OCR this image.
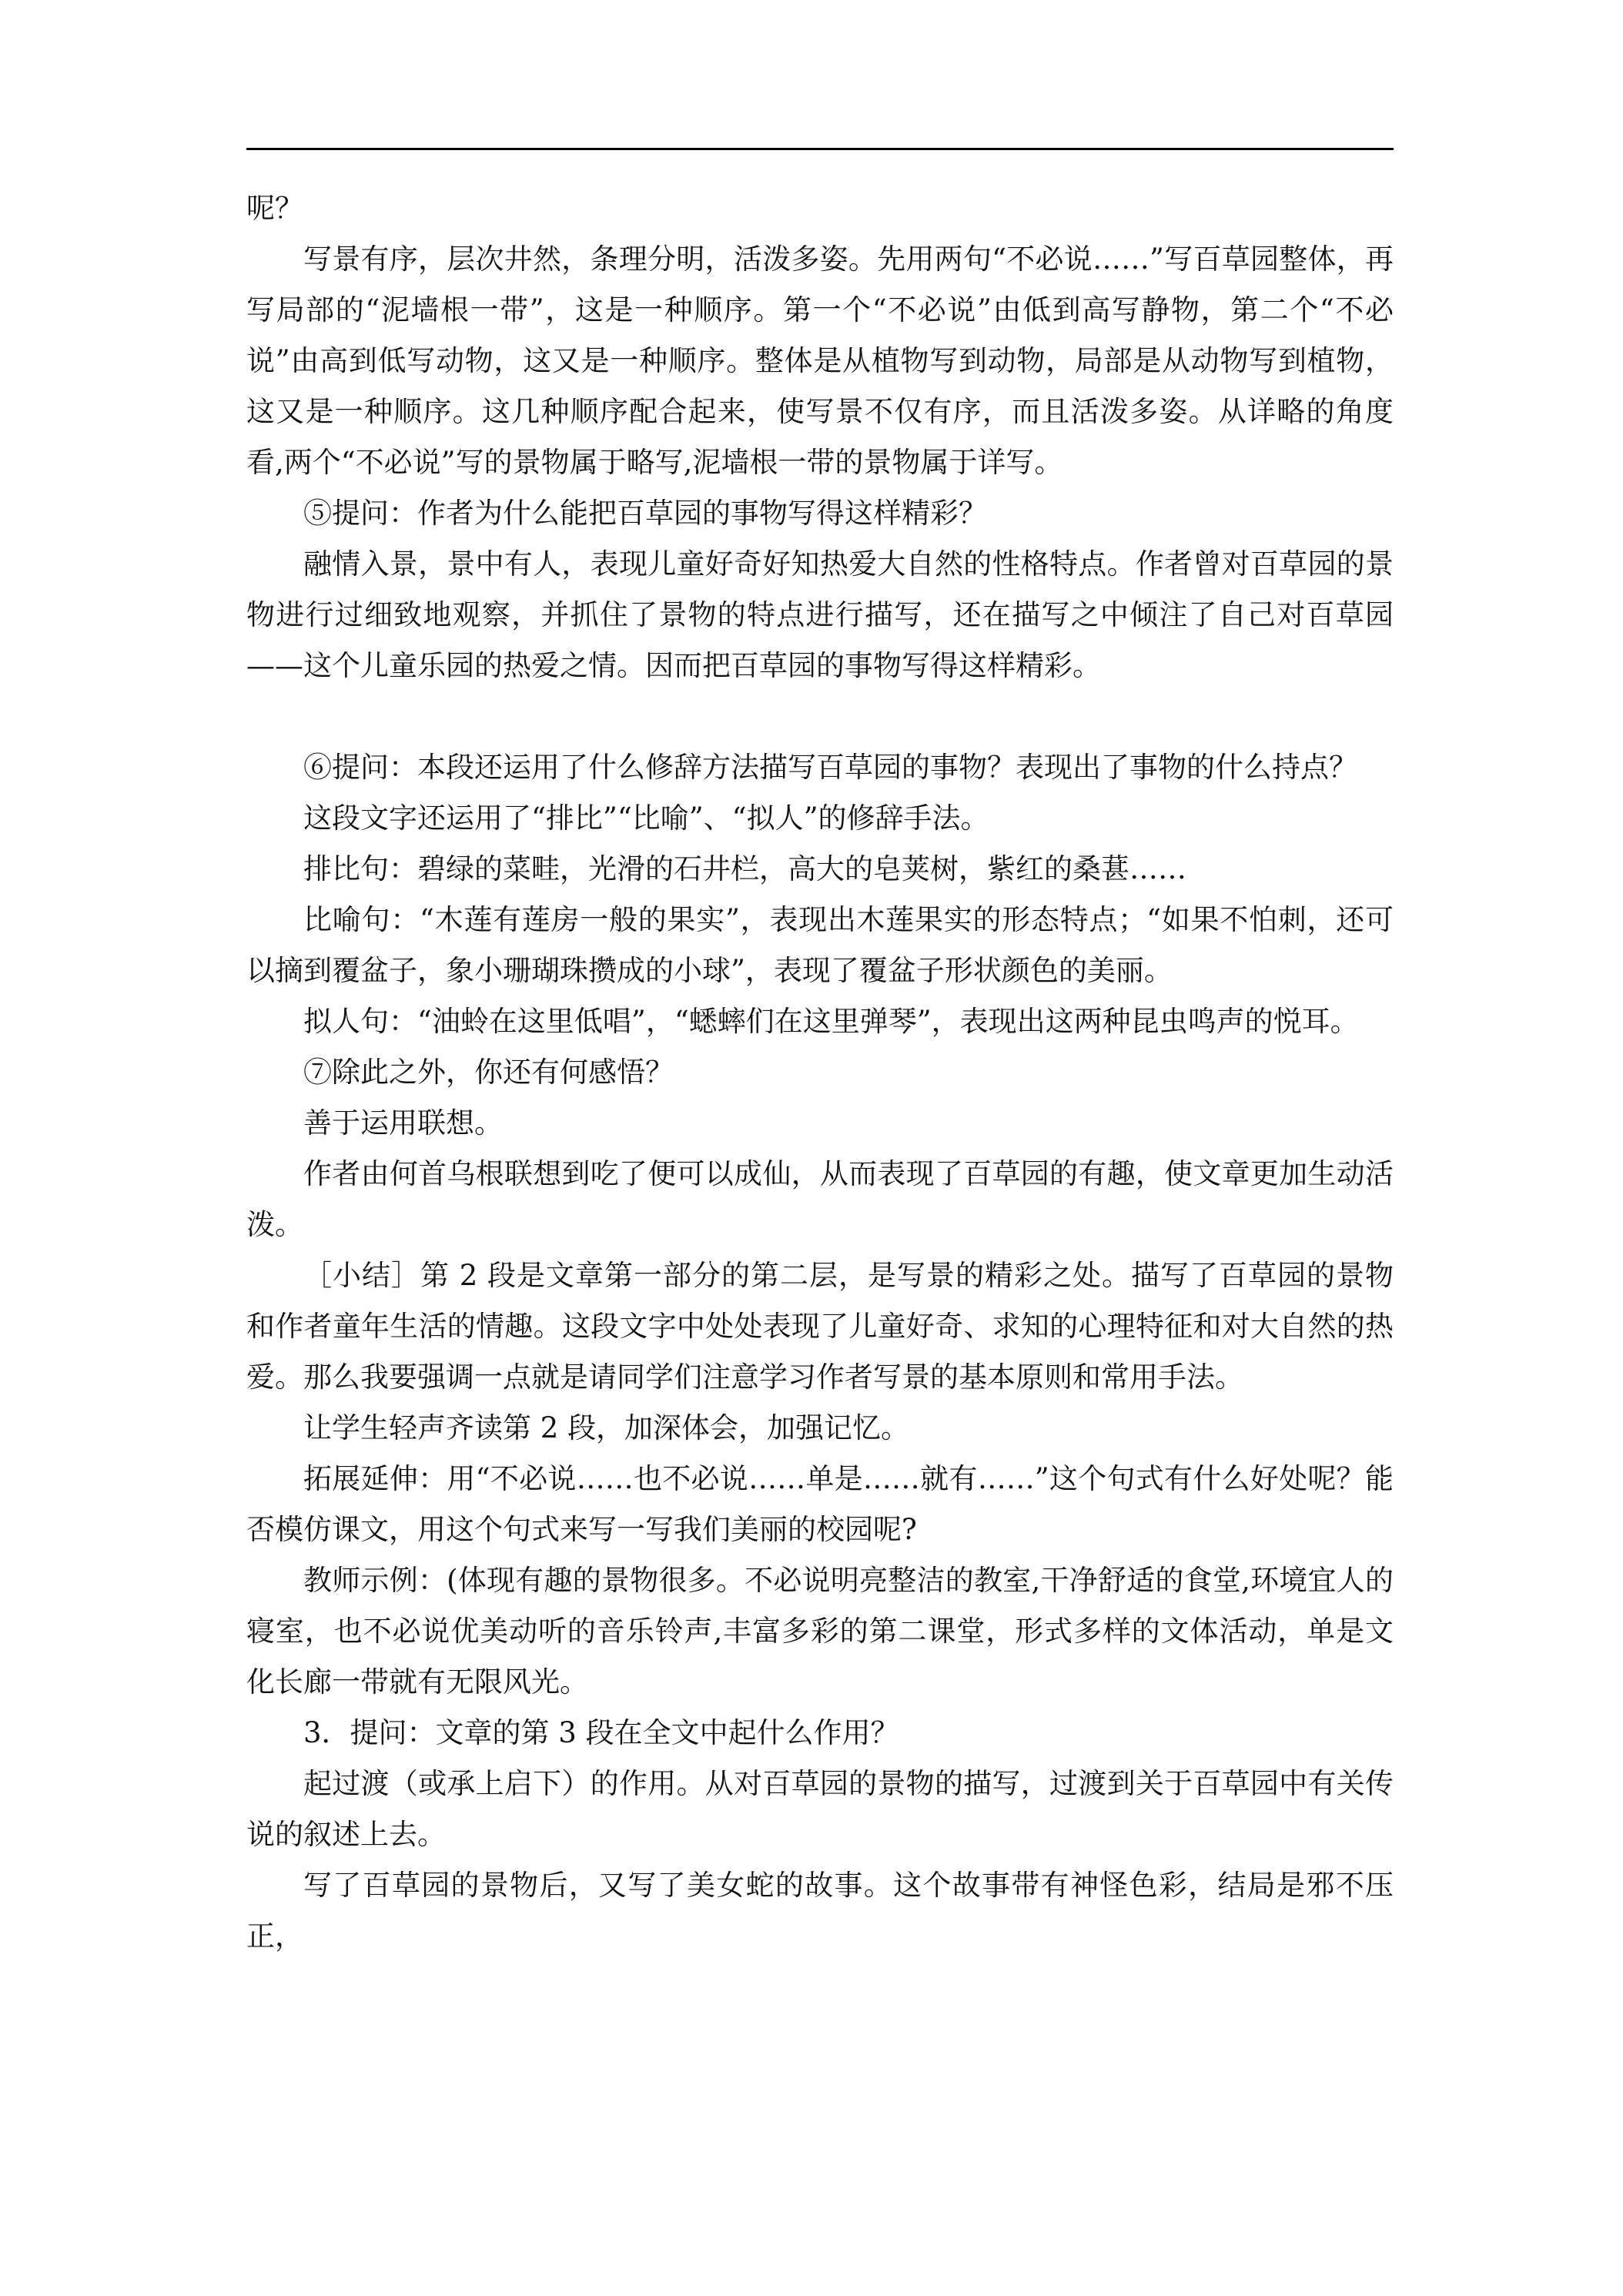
呢？

写景有序，层次井然，条理分明，活泼多姿。先用两句“不必说……”写百草园整体，再写局部的“泥墙根一带”，这是一种顺序。第一个“不必说”由低到高写静物，第二个“不必说”由高到低写动物，这又是一种顺序。整体是从植物写到动物，局部是从动物写到植物，这又是一种顺序。这几种顺序配合起来，使写景不仅有序，而且活泼多姿。从详略的角度看,两个“不必说”写的景物属于略写,泥墙根一带的景物属于详写。

⑤提问：作者为什么能把百草园的事物写得这样精彩？

融情入景，景中有人，表现儿童好奇好知热爱大自然的性格特点。作者曾对百草园的景物进行过细致地观察，并抓住了景物的特点进行描写，还在描写之中倾注了自己对百草园——这个儿童乐园的热爱之情。因而把百草园的事物写得这样精彩。

⑥提问：本段还运用了什么修辞方法描写百草园的事物？表现出了事物的什么持点？

这段文字还运用了“排比”“比喻”、“拟人”的修辞手法。

排比句：碧绿的菜畦，光滑的石井栏，高大的皂荚树，紫红的桑葚……

比喻句：“木莲有莲房一般的果实”，表现出木莲果实的形态特点；“如果不怕刺，还可以摘到覆盆子，象小珊瑚珠攒成的小球”，表现了覆盆子形状颜色的美丽。

拟人句：“油蛉在这里低唱”，“蟋蟀们在这里弹琴”，表现出这两种昆虫鸣声的悦耳。

⑦除此之外，你还有何感悟？

善于运用联想。

作者由何首乌根联想到吃了便可以成仙，从而表现了百草园的有趣，使文章更加生动活泼。

［小结］第 2 段是文章第一部分的第二层，是写景的精彩之处。描写了百草园的景物和作者童年生活的情趣。这段文字中处处表现了儿童好奇、求知的心理特征和对大自然的热爱。那么我要强调一点就是请同学们注意学习作者写景的基本原则和常用手法。

让学生轻声齐读第 2 段，加深体会，加强记忆。

拓展延伸：用“不必说……也不必说……单是……就有……”这个句式有什么好处呢？能否模仿课文，用这个句式来写一写我们美丽的校园呢?

教师示例：(体现有趣的景物很多。不必说明亮整洁的教室,干净舒适的食堂,环境宜人的寝室，也不必说优美动听的音乐铃声,丰富多彩的第二课堂，形式多样的文体活动，单是文化长廊一带就有无限风光。

3．提问：文章的第 3 段在全文中起什么作用？

起过渡（或承上启下）的作用。从对百草园的景物的描写，过渡到关于百草园中有关传说的叙述上去。

写了百草园的景物后，又写了美女蛇的故事。这个故事带有神怪色彩，结局是邪不压正，
